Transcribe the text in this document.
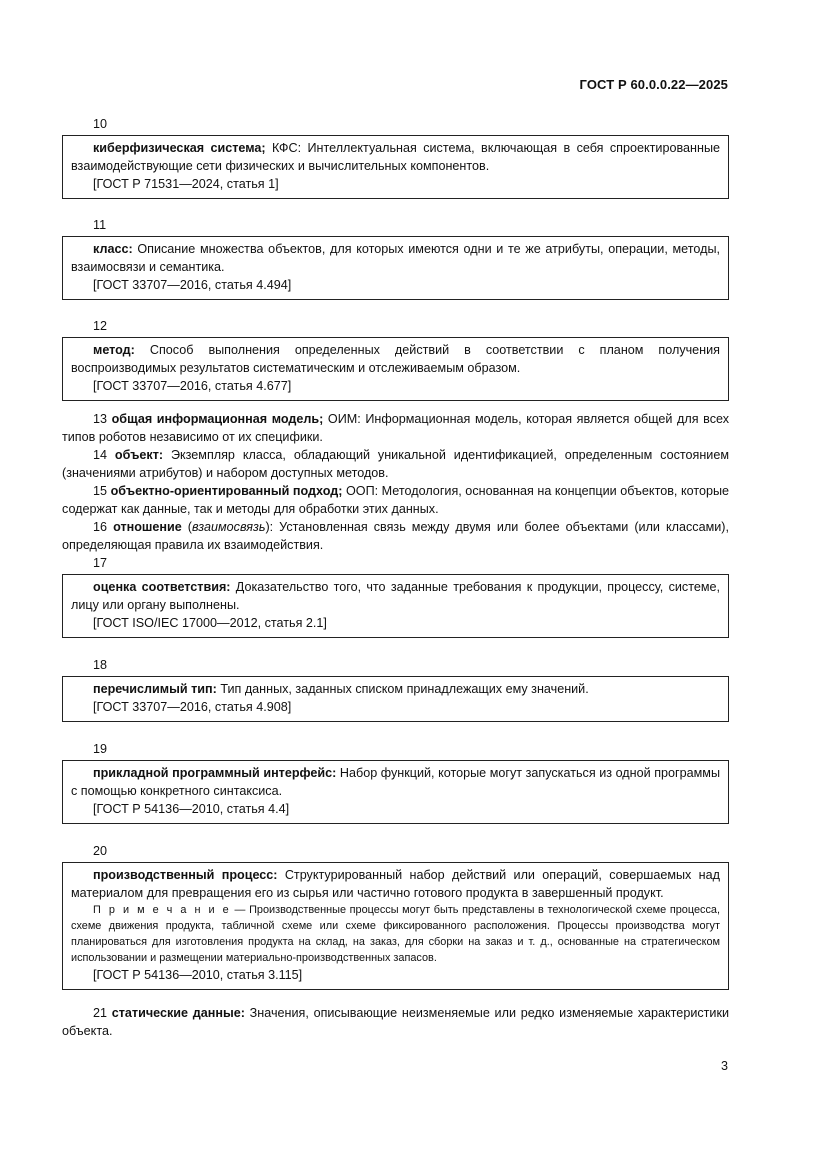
ГОСТ Р 60.0.0.22—2025
10

киберфизическая система; КФС: Интеллектуальная система, включающая в себя спроектированные взаимодействующие сети физических и вычислительных компонентов.

[ГОСТ Р 71531—2024, статья 1]

11

класс: Описание множества объектов, для которых имеются одни и те же атрибуты, операции, методы, взаимосвязи и семантика.

[ГОСТ 33707—2016, статья 4.494]

12

метод: Способ выполнения определенных действий в соответствии с планом получения воспроизводимых результатов систематическим и отслеживаемым образом.

[ГОСТ 33707—2016, статья 4.677]

13 общая информационная модель; ОИМ: Информационная модель, которая является общей для всех типов роботов независимо от их специфики.

14 объект: Экземпляр класса, обладающий уникальной идентификацией, определенным состоянием (значениями атрибутов) и набором доступных методов.

15 объектно-ориентированный подход; ООП: Методология, основанная на концепции объектов, которые содержат как данные, так и методы для обработки этих данных.

16 отношение (взаимосвязь): Установленная связь между двумя или более объектами (или классами), определяющая правила их взаимодействия.

17

оценка соответствия: Доказательство того, что заданные требования к продукции, процессу, системе, лицу или органу выполнены.

[ГОСТ ISO/IEC 17000—2012, статья 2.1]

18

перечислимый тип: Тип данных, заданных списком принадлежащих ему значений.

[ГОСТ 33707—2016, статья 4.908]

19

прикладной программный интерфейс: Набор функций, которые могут запускаться из одной программы с помощью конкретного синтаксиса.

[ГОСТ Р 54136—2010, статья 4.4]

20

производственный процесс: Структурированный набор действий или операций, совершаемых над материалом для превращения его из сырья или частично готового продукта в завершенный продукт.

П р и м е ч а н и е — Производственные процессы могут быть представлены в технологической схеме процесса, схеме движения продукта, табличной схеме или схеме фиксированного расположения. Процессы производства могут планироваться для изготовления продукта на склад, на заказ, для сборки на заказ и т. д., основанные на стратегическом использовании и размещении материально-производственных запасов.

[ГОСТ Р 54136—2010, статья 3.115]

21 статические данные: Значения, описывающие неизменяемые или редко изменяемые характеристики объекта.

3
